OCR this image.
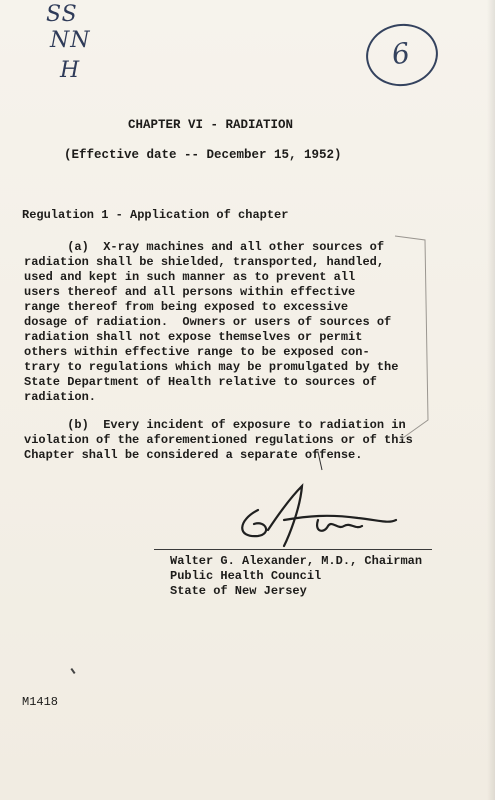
SS
NN
H	6
CHAPTER VI - RADIATION
(Effective date -- December 15, 1952)
Regulation 1 - Application of chapter
(a)  X-ray machines and all other sources of
radiation shall be shielded, transported, handled,
used and kept in such manner as to prevent all
users thereof and all persons within effective
range thereof from being exposed to excessive
dosage of radiation.  Owners or users of sources of
radiation shall not expose themselves or permit
others within effective range to be exposed con-
trary to regulations which may be promulgated by the
State Department of Health relative to sources of
radiation.
(b)  Every incident of exposure to radiation in
violation of the aforementioned regulations or of this
Chapter shall be considered a separate offense.
Walter G. Alexander, M.D., Chairman
Public Health Council
State of New Jersey
M1418
